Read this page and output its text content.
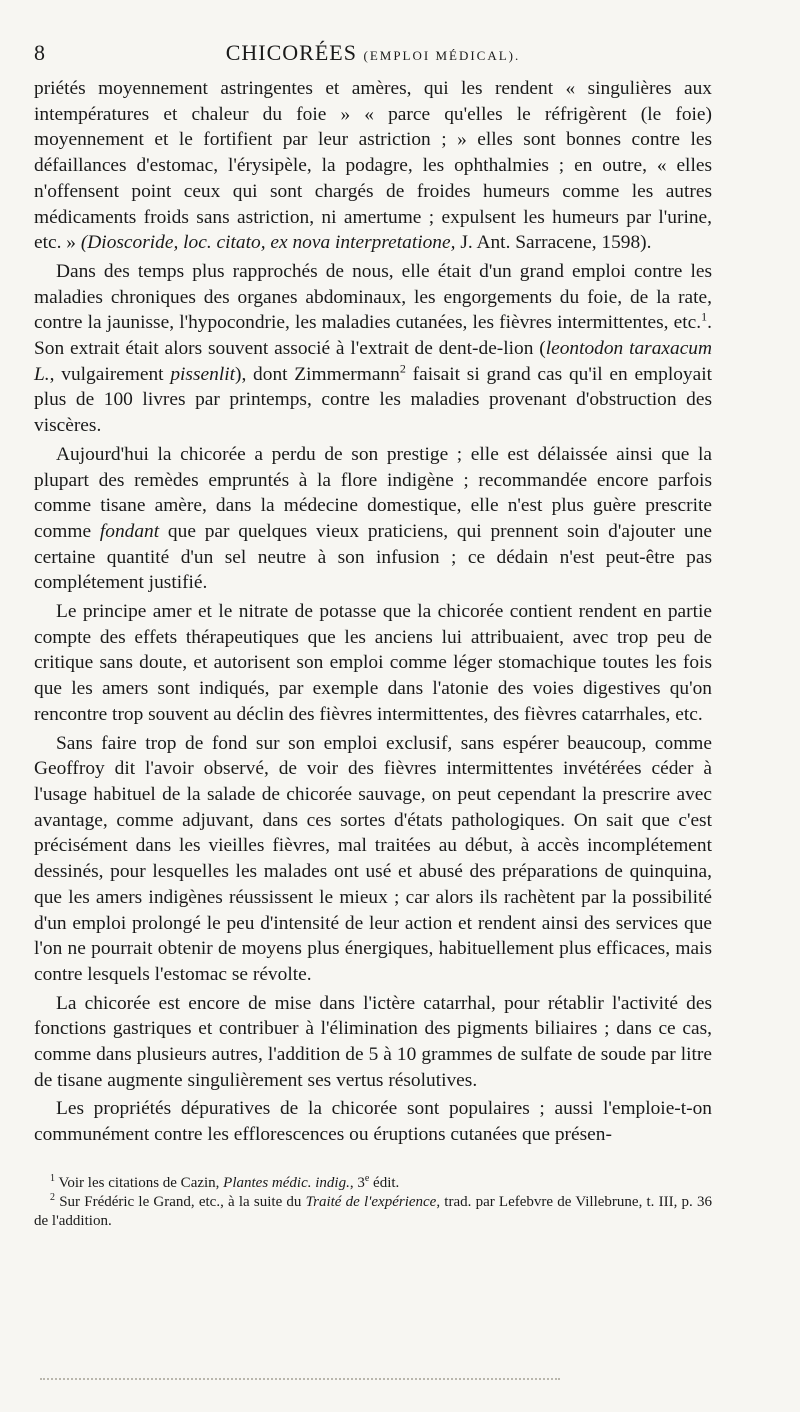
8	CHICORÉES (EMPLOI MÉDICAL).

priétés moyennement astringentes et amères, qui les rendent « singulières aux intempératures et chaleur du foie » « parce qu'elles le réfrigèrent (le foie) moyennement et le fortifient par leur astriction ; » elles sont bonnes contre les défaillances d'estomac, l'érysipèle, la podagre, les ophthalmies ; en outre, « elles n'offensent point ceux qui sont chargés de froides humeurs comme les autres médicaments froids sans astriction, ni amertume ; expulsent les humeurs par l'urine, etc. » (Dioscoride, loc. citato, ex nova interpretatione, J. Ant. Sarracene, 1598).

Dans des temps plus rapprochés de nous, elle était d'un grand emploi contre les maladies chroniques des organes abdominaux, les engorgements du foie, de la rate, contre la jaunisse, l'hypocondrie, les maladies cutanées, les fièvres intermittentes, etc.$^1$. Son extrait était alors souvent associé à l'extrait de dent-de-lion (leontodon taraxacum L., vulgairement pissenlit), dont Zimmermann$^2$ faisait si grand cas qu'il en employait plus de 100 livres par printemps, contre les maladies provenant d'obstruction des viscères.

Aujourd'hui la chicorée a perdu de son prestige ; elle est délaissée ainsi que la plupart des remèdes empruntés à la flore indigène ; recommandée encore parfois comme tisane amère, dans la médecine domestique, elle n'est plus guère prescrite comme fondant que par quelques vieux praticiens, qui prennent soin d'ajouter une certaine quantité d'un sel neutre à son infusion ; ce dédain n'est peut-être pas complétement justifié.

Le principe amer et le nitrate de potasse que la chicorée contient rendent en partie compte des effets thérapeutiques que les anciens lui attribuaient, avec trop peu de critique sans doute, et autorisent son emploi comme léger stomachique toutes les fois que les amers sont indiqués, par exemple dans l'atonie des voies digestives qu'on rencontre trop souvent au déclin des fièvres intermittentes, des fièvres catarrhales, etc.

Sans faire trop de fond sur son emploi exclusif, sans espérer beaucoup, comme Geoffroy dit l'avoir observé, de voir des fièvres intermittentes invétérées céder à l'usage habituel de la salade de chicorée sauvage, on peut cependant la prescrire avec avantage, comme adjuvant, dans ces sortes d'états pathologiques. On sait que c'est précisément dans les vieilles fièvres, mal traitées au début, à accès incomplétement dessinés, pour lesquelles les malades ont usé et abusé des préparations de quinquina, que les amers indigènes réussissent le mieux ; car alors ils rachètent par la possibilité d'un emploi prolongé le peu d'intensité de leur action et rendent ainsi des services que l'on ne pourrait obtenir de moyens plus énergiques, habituellement plus efficaces, mais contre lesquels l'estomac se révolte.

La chicorée est encore de mise dans l'ictère catarrhal, pour rétablir l'activité des fonctions gastriques et contribuer à l'élimination des pigments biliaires ; dans ce cas, comme dans plusieurs autres, l'addition de 5 à 10 grammes de sulfate de soude par litre de tisane augmente singulièrement ses vertus résolutives.

Les propriétés dépuratives de la chicorée sont populaires ; aussi l'emploie-t-on communément contre les efflorescences ou éruptions cutanées que présen-

$^1$ Voir les citations de Cazin, Plantes médic. indig., 3e édit.

$^2$ Sur Frédéric le Grand, etc., à la suite du Traité de l'expérience, trad. par Lefebvre de Villebrune, t. III, p. 36 de l'addition.
